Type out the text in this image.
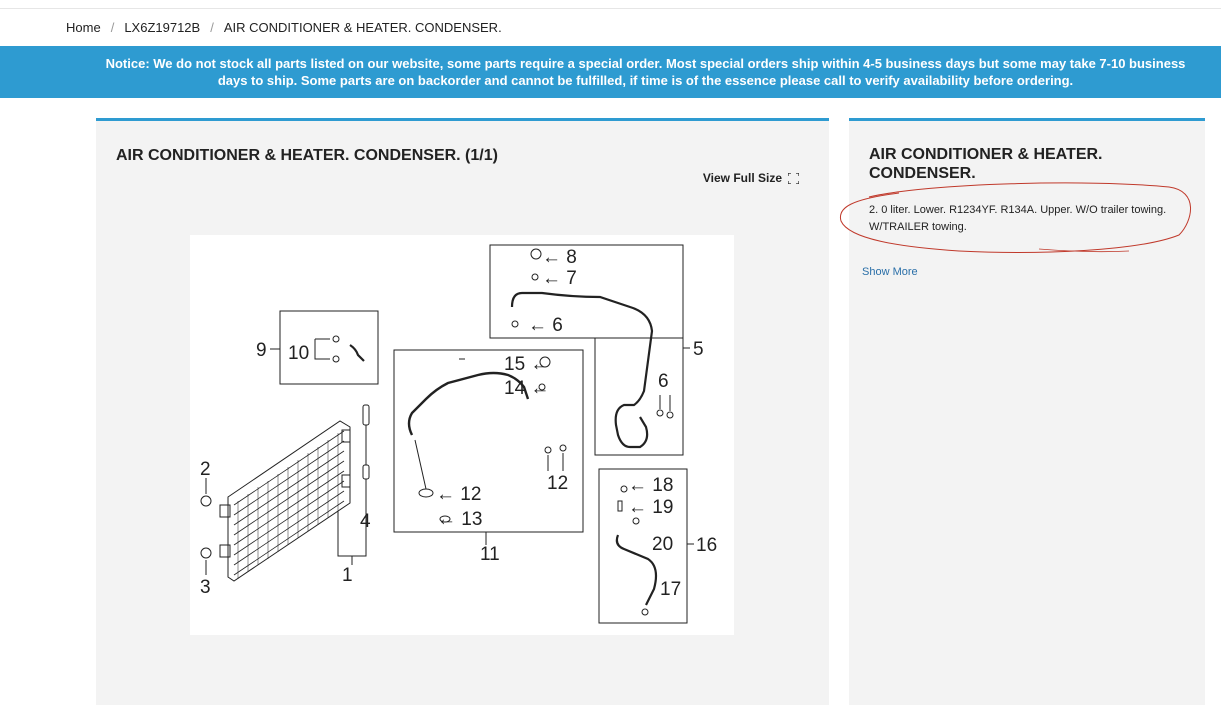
Home / LX6Z19712B / AIR CONDITIONER & HEATER. CONDENSER.
Notice: We do not stock all parts listed on our website, some parts require a special order. Most special orders ship within 4-5 business days but some may take 7-10 business days to ship. Some parts are on backorder and cannot be fulfilled, if time is of the essence please call to verify availability before ordering.
AIR CONDITIONER & HEATER. CONDENSER. (1/1)
View Full Size
1
2
3
4
5
6
← 6
← 7
← 8
9 10
11
← 12
12
← 13
14 ←
15 ←
16
17
← 18
← 19
20
AIR CONDITIONER & HEATER. CONDENSER.
2. 0 liter. Lower. R1234YF. R134A. Upper. W/O trailer towing. W/TRAILER towing.
Show More
